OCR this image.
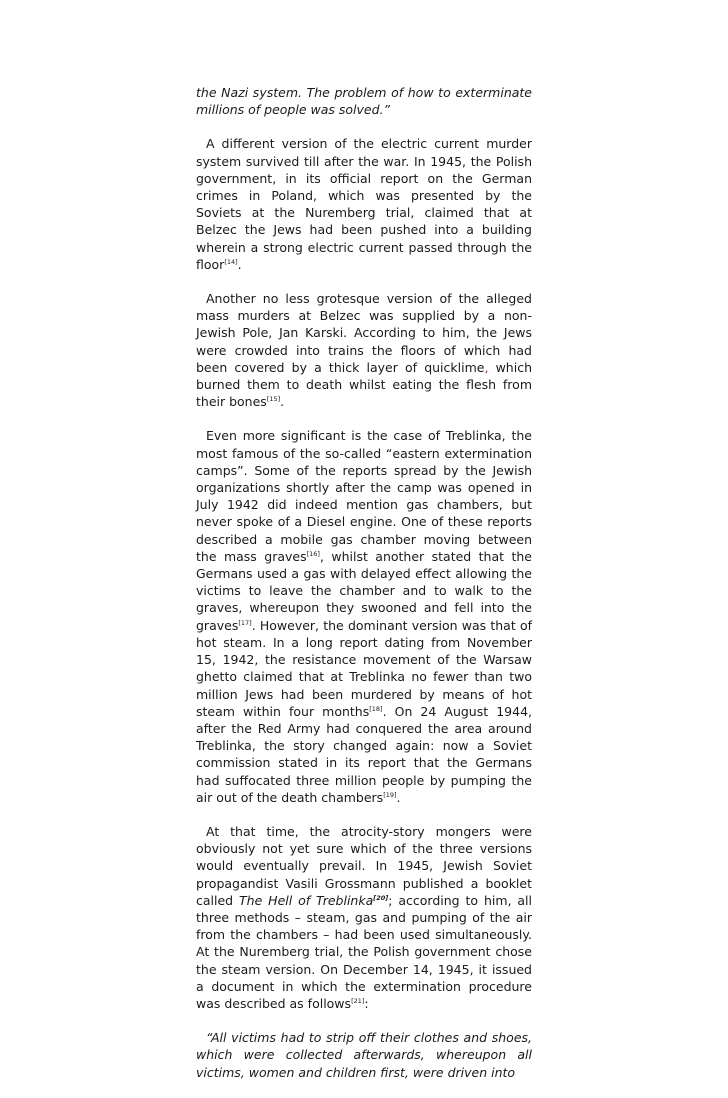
the Nazi system. The problem of how to exterminate millions of people was solved.”

A different version of the electric current murder system survived till after the war. In 1945, the Polish government, in its official report on the German crimes in Poland, which was presented by the Soviets at the Nuremberg trial, claimed that at Belzec the Jews had been pushed into a building wherein a strong electric current passed through the floor[14].

Another no less grotesque version of the alleged mass murders at Belzec was supplied by a non-Jewish Pole, Jan Karski. According to him, the Jews were crowded into trains the floors of which had been covered by a thick layer of quicklime, which burned them to death whilst eating the flesh from their bones[15].

Even more significant is the case of Treblinka, the most famous of the so-called “eastern extermination camps”. Some of the reports spread by the Jewish organizations shortly after the camp was opened in July 1942 did indeed mention gas chambers, but never spoke of a Diesel engine. One of these reports described a mobile gas chamber moving between the mass graves[16], whilst another stated that the Germans used a gas with delayed effect allowing the victims to leave the chamber and to walk to the graves, whereupon they swooned and fell into the graves[17]. However, the dominant version was that of hot steam. In a long report dating from November 15, 1942, the resistance movement of the Warsaw ghetto claimed that at Treblinka no fewer than two million Jews had been murdered by means of hot steam within four months[18]. On 24 August 1944, after the Red Army had conquered the area around Treblinka, the story changed again: now a Soviet commission stated in its report that the Germans had suffocated three million people by pumping the air out of the death chambers[19].

At that time, the atrocity-story mongers were obviously not yet sure which of the three versions would eventually prevail. In 1945, Jewish Soviet propagandist Vasili Grossmann published a booklet called The Hell of Treblinka[20]; according to him, all three methods – steam, gas and pumping of the air from the chambers – had been used simultaneously. At the Nuremberg trial, the Polish government chose the steam version. On December 14, 1945, it issued a document in which the extermination procedure was described as follows[21]:

“All victims had to strip off their clothes and shoes, which were collected afterwards, whereupon all victims, women and children first, were driven into
